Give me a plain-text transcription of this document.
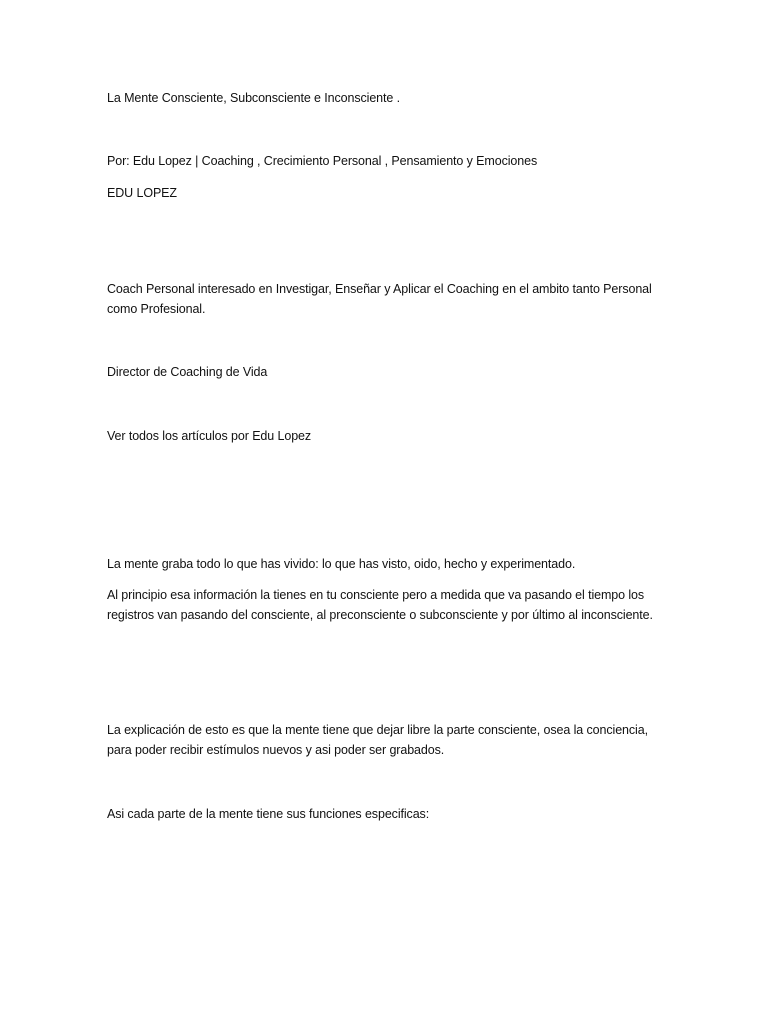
La Mente Consciente, Subconsciente e Inconsciente .

Por: Edu Lopez | Coaching , Crecimiento Personal , Pensamiento y Emociones

EDU LOPEZ

Coach Personal interesado en Investigar, Enseñar y Aplicar el Coaching en el ambito tanto Personal como Profesional.

Director de Coaching de Vida

Ver todos los artículos por Edu Lopez

La mente graba todo lo que has vivido: lo que has visto, oido, hecho y experimentado.

Al principio esa información la tienes en tu consciente pero a medida que va pasando el tiempo los registros van pasando del consciente, al preconsciente o subconsciente y por último al inconsciente.

La explicación de esto es que la mente tiene que dejar libre la parte consciente, osea la conciencia, para poder recibir estímulos nuevos y asi poder ser grabados.

Asi cada parte de la mente tiene sus funciones especificas:
